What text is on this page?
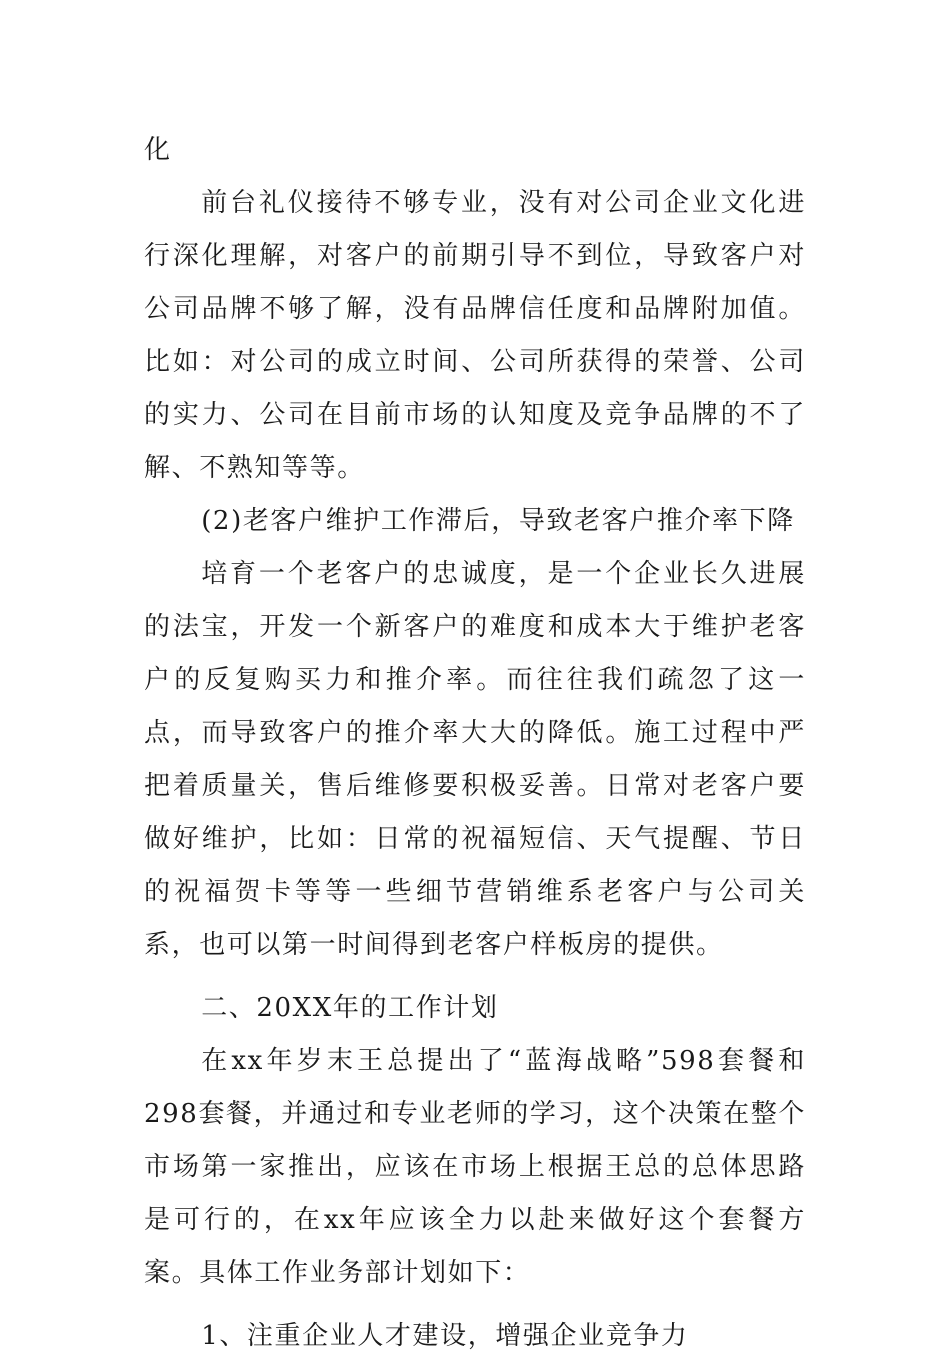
化

前台礼仪接待不够专业，没有对公司企业文化进行深化理解，对客户的前期引导不到位，导致客户对公司品牌不够了解，没有品牌信任度和品牌附加值。比如：对公司的成立时间、公司所获得的荣誉、公司的实力、公司在目前市场的认知度及竞争品牌的不了解、不熟知等等。

(2)老客户维护工作滞后，导致老客户推介率下降

培育一个老客户的忠诚度，是一个企业长久进展的法宝，开发一个新客户的难度和成本大于维护老客户的反复购买力和推介率。而往往我们疏忽了这一点，而导致客户的推介率大大的降低。施工过程中严把着质量关，售后维修要积极妥善。日常对老客户要做好维护，比如：日常的祝福短信、天气提醒、节日的祝福贺卡等等一些细节营销维系老客户与公司关系，也可以第一时间得到老客户样板房的提供。

二、20XX年的工作计划

在xx年岁末王总提出了“蓝海战略”598套餐和298套餐，并通过和专业老师的学习，这个决策在整个市场第一家推出，应该在市场上根据王总的总体思路是可行的，在xx年应该全力以赴来做好这个套餐方案。具体工作业务部计划如下：

1、注重企业人才建设，增强企业竞争力
